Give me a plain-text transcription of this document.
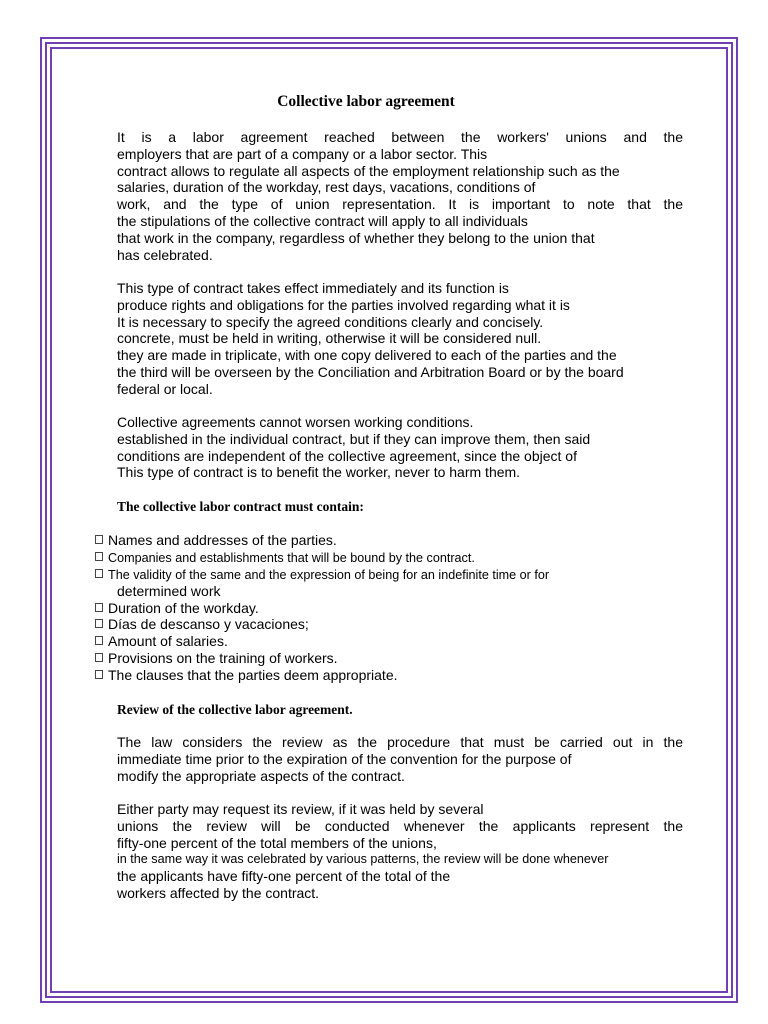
Collective labor agreement
It is a labor agreement reached between the workers' unions and the
employers that are part of a company or a labor sector. This
contract allows to regulate all aspects of the employment relationship such as the
salaries, duration of the workday, rest days, vacations, conditions of
work, and the type of union representation. It is important to note that the
the stipulations of the collective contract will apply to all individuals
that work in the company, regardless of whether they belong to the union that
has celebrated.
This type of contract takes effect immediately and its function is
produce rights and obligations for the parties involved regarding what it is
It is necessary to specify the agreed conditions clearly and concisely.
concrete, must be held in writing, otherwise it will be considered null.
they are made in triplicate, with one copy delivered to each of the parties and the
the third will be overseen by the Conciliation and Arbitration Board or by the board
federal or local.
Collective agreements cannot worsen working conditions.
established in the individual contract, but if they can improve them, then said
conditions are independent of the collective agreement, since the object of
This type of contract is to benefit the worker, never to harm them.
The collective labor contract must contain:
Names and addresses of the parties.
Companies and establishments that will be bound by the contract.
The validity of the same and the expression of being for an indefinite time or for
determined work
Duration of the workday.
Días de descanso y vacaciones;
Amount of salaries.
Provisions on the training of workers.
The clauses that the parties deem appropriate.
Review of the collective labor agreement.
The law considers the review as the procedure that must be carried out in the
immediate time prior to the expiration of the convention for the purpose of
modify the appropriate aspects of the contract.
Either party may request its review, if it was held by several
unions the review will be conducted whenever the applicants represent the
fifty-one percent of the total members of the unions,
in the same way it was celebrated by various patterns, the review will be done whenever
the applicants have fifty-one percent of the total of the
workers affected by the contract.
